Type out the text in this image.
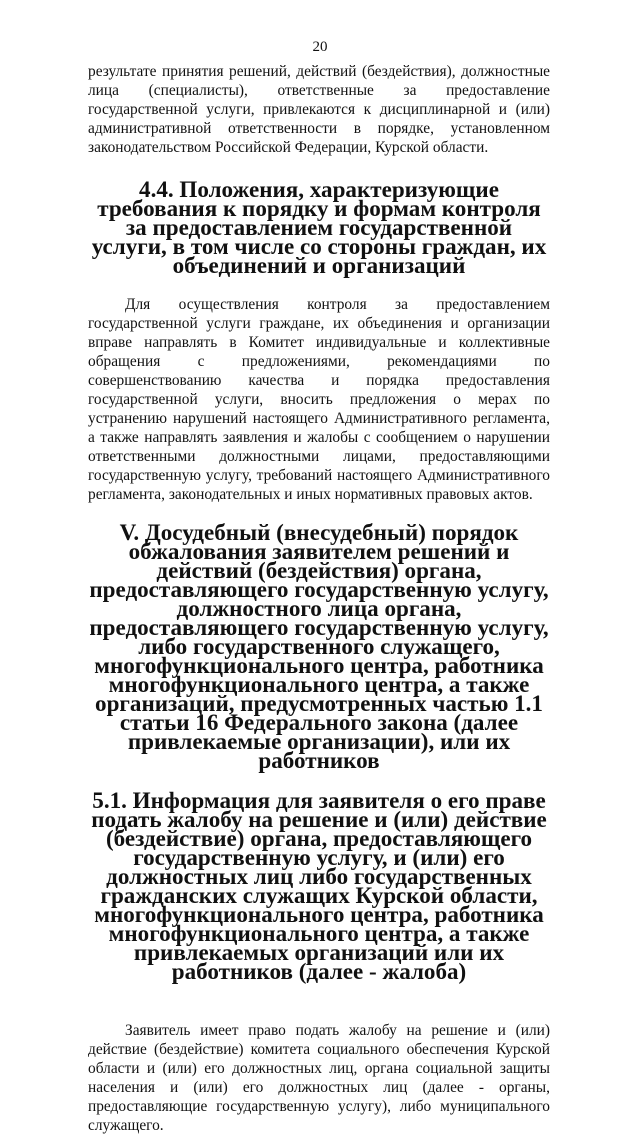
20

результате принятия решений, действий (бездействия), должностные лица (специалисты), ответственные за предоставление государственной услуги, привлекаются к дисциплинарной и (или) административной ответственности в порядке, установленном законодательством Российской Федерации, Курской области.

4.4. Положения, характеризующие требования к порядку и формам контроля за предоставлением государственной услуги, в том числе со стороны граждан, их объединений и организаций

Для осуществления контроля за предоставлением государственной услуги граждане, их объединения и организации вправе направлять в Комитет индивидуальные и коллективные обращения с предложениями, рекомендациями по совершенствованию качества и порядка предоставления государственной услуги, вносить предложения о мерах по устранению нарушений настоящего Административного регламента, а также направлять заявления и жалобы с сообщением о нарушении ответственными должностными лицами, предоставляющими государственную услугу, требований настоящего Административного регламента, законодательных и иных нормативных правовых актов.

V. Досудебный (внесудебный) порядок обжалования заявителем решений и действий (бездействия) органа, предоставляющего государственную услугу, должностного лица органа, предоставляющего государственную услугу, либо государственного служащего, многофункционального центра, работника многофункционального центра, а также организаций, предусмотренных частью 1.1 статьи 16 Федерального закона (далее привлекаемые организации), или их работников
5.1. Информация для заявителя о его праве подать жалобу на решение и (или) действие (бездействие) органа, предоставляющего государственную услугу, и (или) его должностных лиц либо государственных гражданских служащих Курской области, многофункционального центра, работника многофункционального центра, а также привлекаемых организаций или их работников (далее - жалоба)

Заявитель имеет право подать жалобу на решение и (или) действие (бездействие) комитета социального обеспечения Курской области и (или) его должностных лиц, органа социальной защиты населения и (или) его должностных лиц (далее - органы, предоставляющие государственную услугу), либо муниципального служащего.
